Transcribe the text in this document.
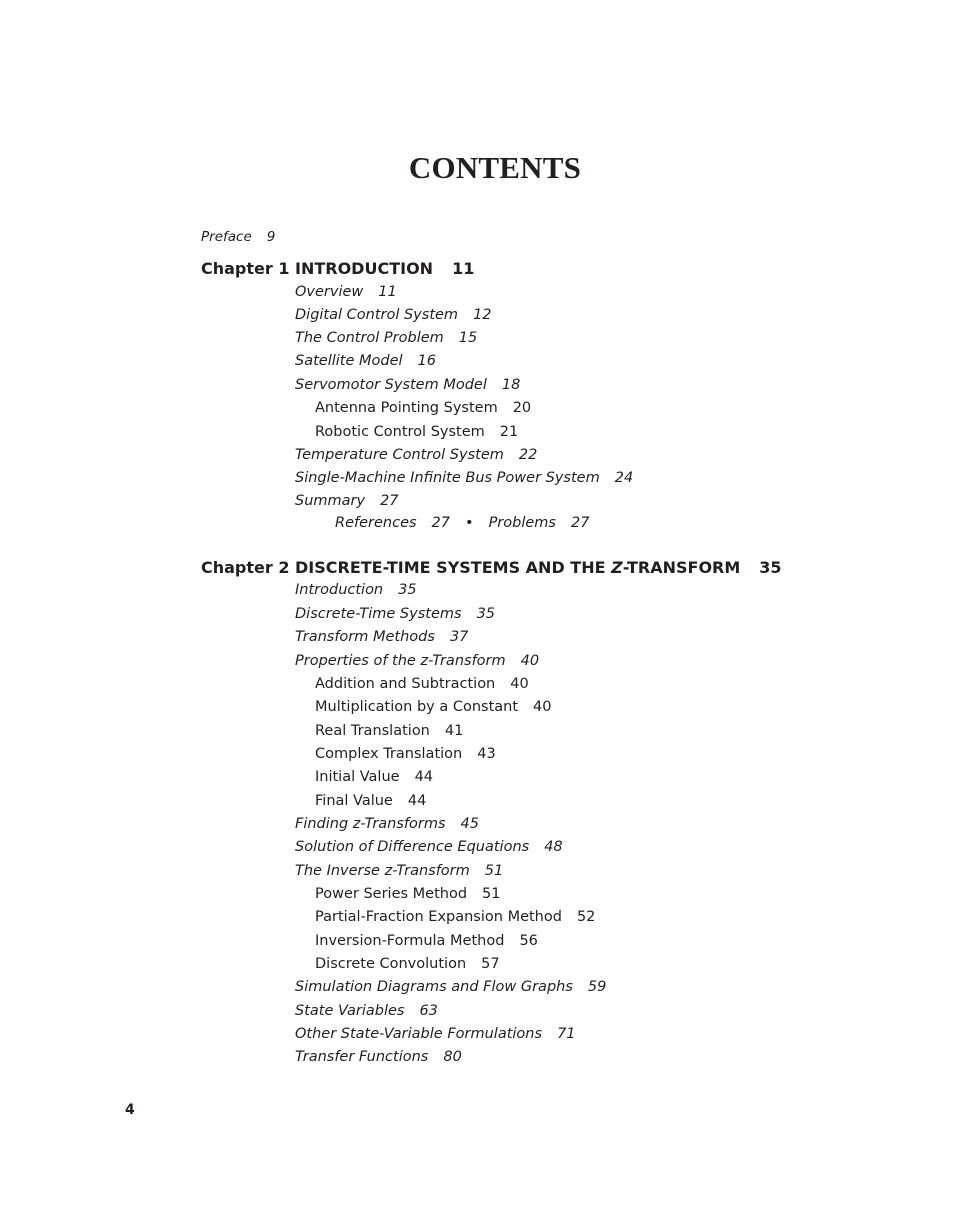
CONTENTS
Preface 9
Chapter 1 INTRODUCTION 11
Overview 11
Digital Control System 12
The Control Problem 15
Satellite Model 16
Servomotor System Model 18
Antenna Pointing System 20
Robotic Control System 21
Temperature Control System 22
Single-Machine Infinite Bus Power System 24
Summary 27
References 27 • Problems 27
Chapter 2 DISCRETE-TIME SYSTEMS AND THE Z-TRANSFORM 35
Introduction 35
Discrete-Time Systems 35
Transform Methods 37
Properties of the z-Transform 40
Addition and Subtraction 40
Multiplication by a Constant 40
Real Translation 41
Complex Translation 43
Initial Value 44
Final Value 44
Finding z-Transforms 45
Solution of Difference Equations 48
The Inverse z-Transform 51
Power Series Method 51
Partial-Fraction Expansion Method 52
Inversion-Formula Method 56
Discrete Convolution 57
Simulation Diagrams and Flow Graphs 59
State Variables 63
Other State-Variable Formulations 71
Transfer Functions 80
4
